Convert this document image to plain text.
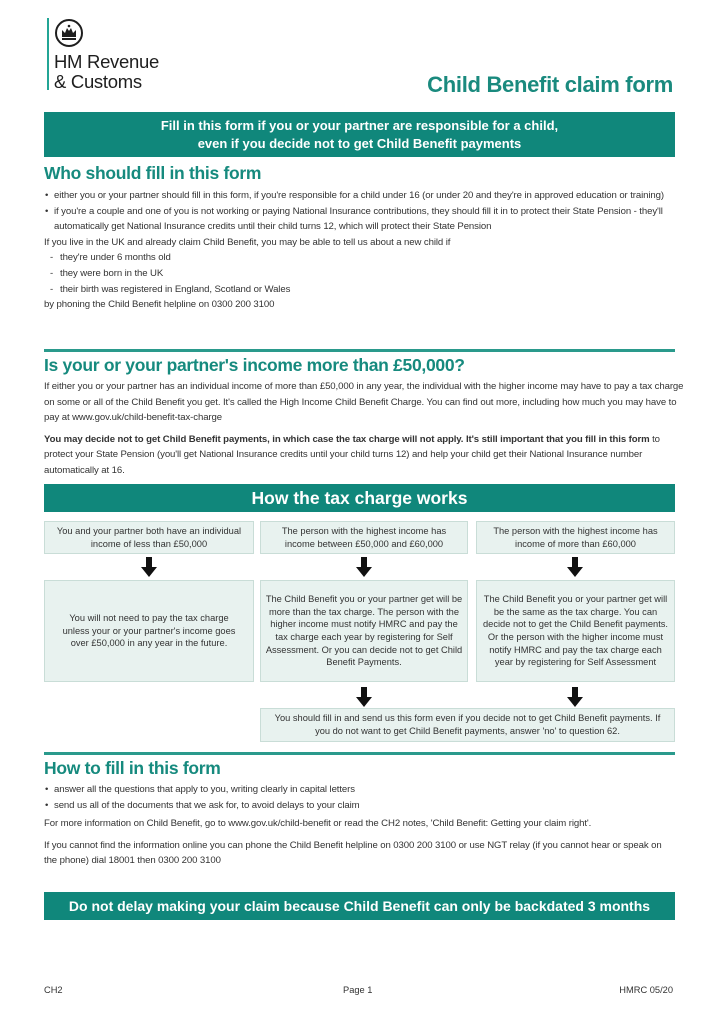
HM Revenue
& Customs	Child Benefit claim form
Fill in this form if you or your partner are responsible for a child,
even if you decide not to get Child Benefit payments
Who should fill in this form
• either you or your partner should fill in this form, if you're responsible for a child under 16 (or under 20 and they're in approved education or training)
• if you're a couple and one of you is not working or paying National Insurance contributions, they should fill it in to protect their State Pension - they'll automatically get National Insurance credits until their child turns 12, which will protect their State Pension
If you live in the UK and already claim Child Benefit, you may be able to tell us about a new child if
- they're under 6 months old
- they were born in the UK
- their birth was registered in England, Scotland or Wales
by phoning the Child Benefit helpline on 0300 200 3100
Is your or your partner's income more than £50,000?

If either you or your partner has an individual income of more than £50,000 in any year, the individual with the higher income may have to pay a tax charge on some or all of the Child Benefit you get. It's called the High Income Child Benefit Charge. You can find out more, including how much you may have to pay at www.gov.uk/child-benefit-tax-charge

You may decide not to get Child Benefit payments, in which case the tax charge will not apply. It's still important that you fill in this form to protect your State Pension (you'll get National Insurance credits until your child turns 12) and help your child get their National Insurance number automatically at 16.

How the tax charge works
You and your partner both have an individual income of less than £50,000
You will not need to pay the tax charge unless your or your partner's income goes over £50,000 in any year in the future.
The person with the highest income has income between £50,000 and £60,000
The Child Benefit you or your partner get will be more than the tax charge. The person with the higher income must notify HMRC and pay the tax charge each year by registering for Self Assessment. Or you can decide not to get Child Benefit Payments.
The person with the highest income has income of more than £60,000
The Child Benefit you or your partner get will be the same as the tax charge. You can decide not to get the Child Benefit payments. Or the person with the higher income must notify HMRC and pay the tax charge each year by registering for Self Assessment
You should fill in and send us this form even if you decide not to get Child Benefit payments. If you do not want to get Child Benefit payments, answer 'no' to question 62.
How to fill in this form
• answer all the questions that apply to you, writing clearly in capital letters
• send us all of the documents that we ask for, to avoid delays to your claim

For more information on Child Benefit, go to www.gov.uk/child-benefit or read the CH2 notes, 'Child Benefit: Getting your claim right'.

If you cannot find the information online you can phone the Child Benefit helpline on 0300 200 3100 or use NGT relay (if you cannot hear or speak on the phone) dial 18001 then 0300 200 3100

Do not delay making your claim because Child Benefit can only be backdated 3 months
CH2	Page 1	HMRC 05/20
